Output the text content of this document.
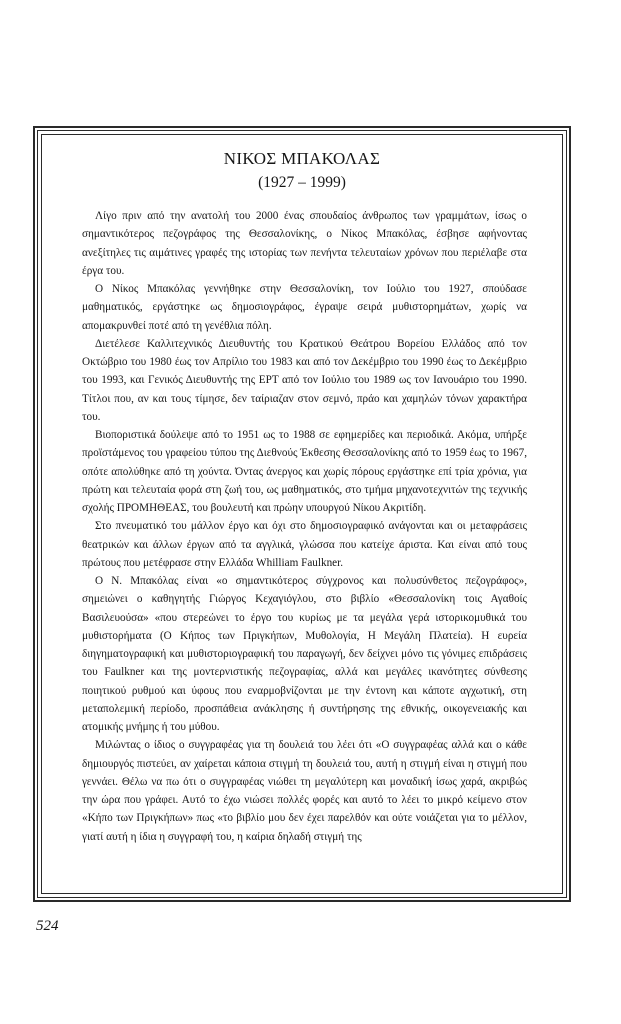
ΝΙΚΟΣ ΜΠΑΚΟΛΑΣ
(1927 – 1999)

Λίγο πριν από την ανατολή του 2000 ένας σπουδαίος άνθρωπος των γραμμάτων, ίσως ο σημαντικότερος πεζογράφος της Θεσσαλονίκης, ο Νίκος Μπακόλας, έσβησε αφήνοντας ανεξίτηλες τις αιμάτινες γραφές της ιστορίας των πενήντα τελευταίων χρόνων που περιέλαβε στα έργα του.

Ο Νίκος Μπακόλας γεννήθηκε στην Θεσσαλονίκη, τον Ιούλιο του 1927, σπούδασε μαθηματικός, εργάστηκε ως δημοσιογράφος, έγραψε σειρά μυθιστορημάτων, χωρίς να απομακρυνθεί ποτέ από τη γενέθλια πόλη.

Διετέλεσε Καλλιτεχνικός Διευθυντής του Κρατικού Θεάτρου Βορείου Ελλάδος από τον Οκτώβριο του 1980 έως τον Απρίλιο του 1983 και από τον Δεκέμβριο του 1990 έως το Δεκέμβριο του 1993, και Γενικός Διευθυντής της ΕΡΤ από τον Ιούλιο του 1989 ως τον Ιανουάριο του 1990. Τίτλοι που, αν και τους τίμησε, δεν ταίριαζαν στον σεμνό, πράο και χαμηλών τόνων χαρακτήρα του.

Βιοποριστικά δούλεψε από το 1951 ως το 1988 σε εφημερίδες και περιοδικά. Ακόμα, υπήρξε προϊστάμενος του γραφείου τύπου της Διεθνούς Έκθεσης Θεσσαλονίκης από το 1959 έως το 1967, οπότε απολύθηκε από τη χούντα. Όντας άνεργος και χωρίς πόρους εργάστηκε επί τρία χρόνια, για πρώτη και τελευταία φορά στη ζωή του, ως μαθηματικός, στο τμήμα μηχανοτεχνιτών της τεχνικής σχολής ΠΡΟΜΗΘΕΑΣ, του βουλευτή και πρώην υπουργού Νίκου Ακριτίδη.

Στο πνευματικό του μάλλον έργο και όχι στο δημοσιογραφικό ανάγονται και οι μεταφράσεις θεατρικών και άλλων έργων από τα αγγλικά, γλώσσα που κατείχε άριστα. Και είναι από τους πρώτους που μετέφρασε στην Ελλάδα Whilliam Faulkner.

Ο Ν. Μπακόλας είναι «ο σημαντικότερος σύγχρονος και πολυσύνθετος πεζογράφος», σημειώνει ο καθηγητής Γιώργος Κεχαγιόγλου, στο βιβλίο «Θεσσαλονίκη τοις Αγαθοίς Βασιλευούσα» «που στερεώνει το έργο του κυρίως με τα μεγάλα γερά ιστορικομυθικά του μυθιστορήματα (Ο Κήπος των Πριγκήπων, Μυθολογία, Η Μεγάλη Πλατεία). Η ευρεία διηγηματογραφική και μυθιστοριογραφική του παραγωγή, δεν δείχνει μόνο τις γόνιμες επιδράσεις του Faulkner και της μοντερνιστικής πεζογραφίας, αλλά και μεγάλες ικανότητες σύνθεσης ποιητικού ρυθμού και ύφους που εναρμοβνίζονται με την έντονη και κάποτε αγχωτική, στη μεταπολεμική περίοδο, προσπάθεια ανάκλησης ή συντήρησης της εθνικής, οικογενειακής και ατομικής μνήμης ή του μύθου.

Μιλώντας ο ίδιος ο συγγραφέας για τη δουλειά του λέει ότι «Ο συγγραφέας αλλά και ο κάθε δημιουργός πιστεύει, αν χαίρεται κάποια στιγμή τη δουλειά του, αυτή η στιγμή είναι η στιγμή που γεννάει. Θέλω να πω ότι ο συγγραφέας νιώθει τη μεγαλύτερη και μοναδική ίσως χαρά, ακριβώς την ώρα που γράφει. Αυτό το έχω νιώσει πολλές φορές και αυτό το λέει το μικρό κείμενο στον «Κήπο των Πριγκήπων» πως «το βιβλίο μου δεν έχει παρελθόν και ούτε νοιάζεται για το μέλλον, γιατί αυτή η ίδια η συγγραφή του, η καίρια δηλαδή στιγμή της

524
